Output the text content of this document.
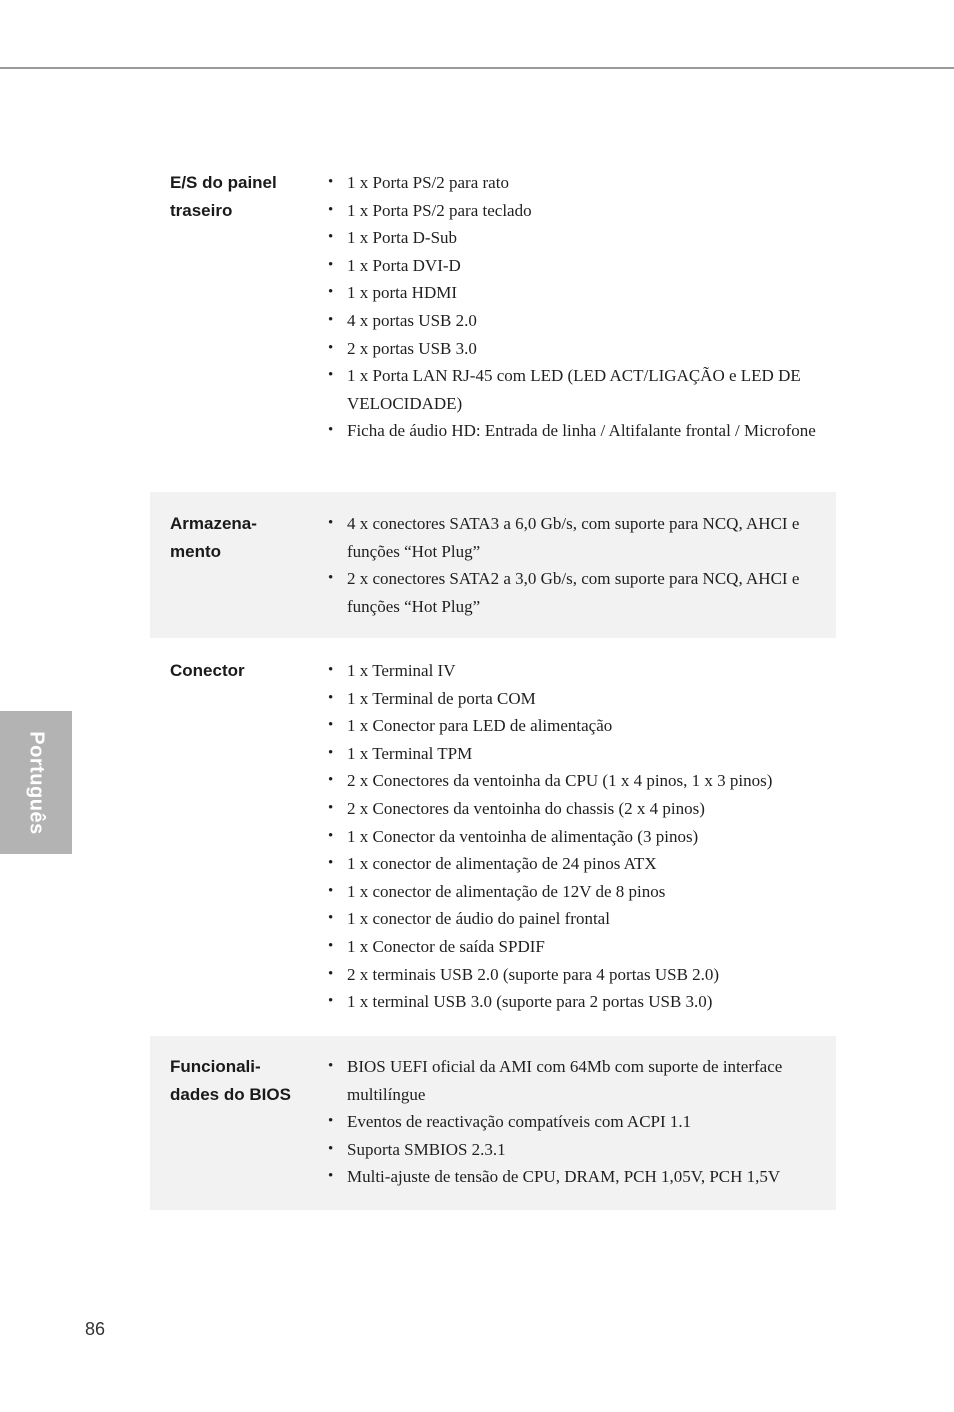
Português
E/S do painel
traseiro
• 1 x Porta PS/2 para rato
• 1 x Porta PS/2 para teclado
• 1 x Porta D-Sub
• 1 x Porta DVI-D
• 1 x porta HDMI
• 4 x portas USB 2.0
• 2 x portas USB 3.0
• 1 x Porta LAN RJ-45 com LED (LED ACT/LIGAÇÃO e LED DE VELOCIDADE)
• Ficha de áudio HD: Entrada de linha / Altifalante frontal / Microfone
Armazena-
mento
• 4 x conectores SATA3 a 6,0 Gb/s, com suporte para NCQ, AHCI e funções “Hot Plug”
• 2 x conectores SATA2 a 3,0 Gb/s, com suporte para NCQ, AHCI e funções “Hot Plug”
Conector
•	1 x Terminal IV
• 1 x Terminal de porta COM
• 1 x Conector para LED de alimentação
• 1 x Terminal TPM
• 2 x Conectores da ventoinha da CPU (1 x 4 pinos, 1 x 3 pinos)
• 2 x Conectores da ventoinha do chassis (2 x 4 pinos)
• 1 x Conector da ventoinha de alimentação (3 pinos)
• 1 x conector de alimentação de 24 pinos ATX
• 1 x conector de alimentação de 12V de 8 pinos
• 1 x conector de áudio do painel frontal
• 1 x Conector de saída SPDIF
• 2 x terminais USB 2.0 (suporte para 4 portas USB 2.0)
• 1 x terminal USB 3.0 (suporte para 2 portas USB 3.0)
Funcionali-
dades do BIOS
• BIOS UEFI oficial da AMI com 64Mb com suporte de interface multilíngue
• Eventos de reactivação compatíveis com ACPI 1.1
• Suporta SMBIOS 2.3.1
• Multi-ajuste de tensão de CPU, DRAM, PCH 1,05V, PCH 1,5V
86
